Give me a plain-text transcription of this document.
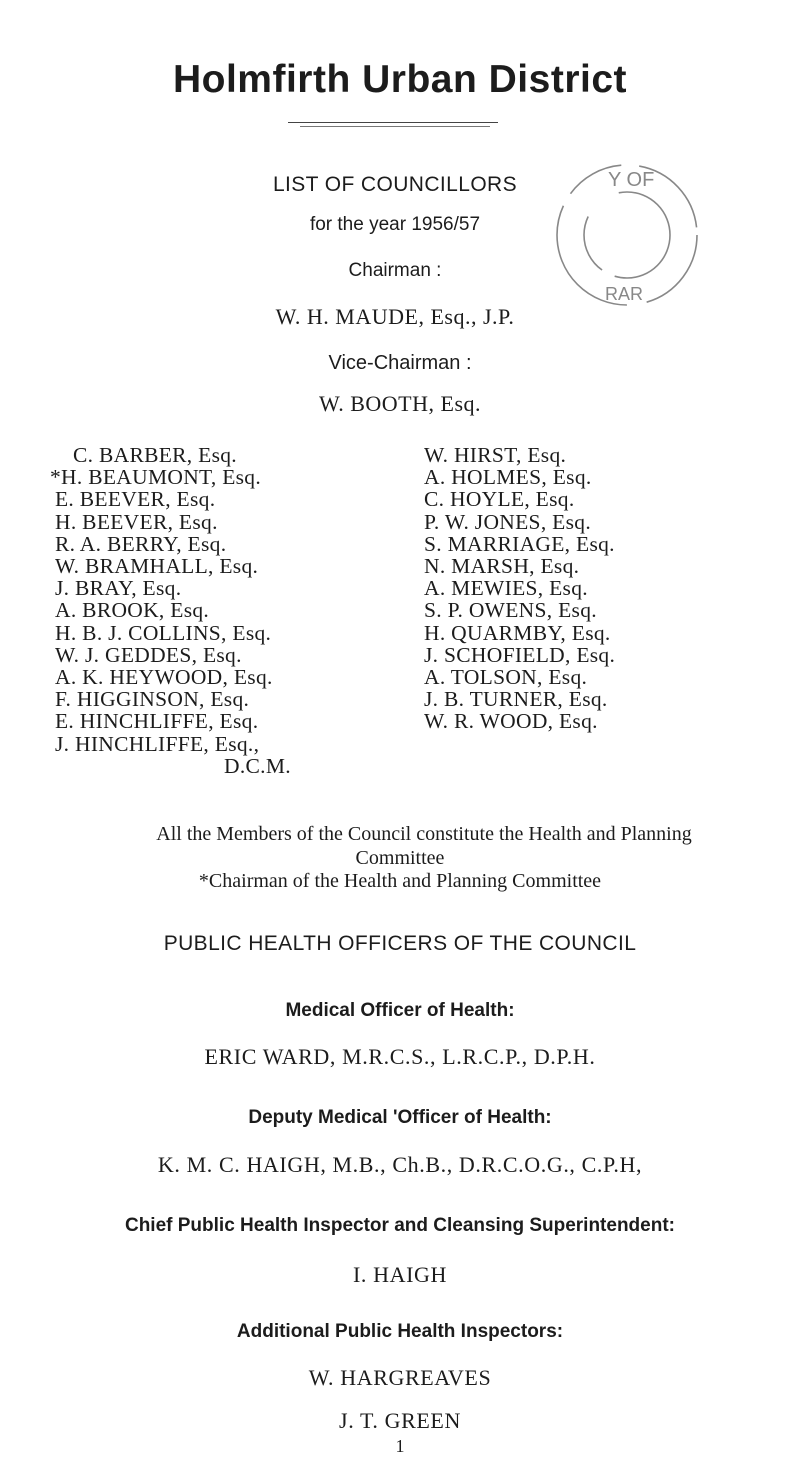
Holmfirth Urban District
LIST OF COUNCILLORS
for the year 1956/57
Chairman :
W. H. MAUDE, Esq., J.P.
Y OF
RAR
Vice-Chairman :
W. BOOTH, Esq.
C. BARBER, Esq.
*H. BEAUMONT, Esq.
E. BEEVER, Esq.
H. BEEVER, Esq.
R. A. BERRY, Esq.
W. BRAMHALL, Esq.
J. BRAY, Esq.
A. BROOK, Esq.
H. B. J. COLLINS, Esq.
W. J. GEDDES, Esq.
A. K. HEYWOOD, Esq.
F. HIGGINSON, Esq.
E. HINCHLIFFE, Esq.
J. HINCHLIFFE, Esq.,
D.C.M.
W. HIRST, Esq.
A. HOLMES, Esq.
C. HOYLE, Esq.
P. W. JONES, Esq.
S. MARRIAGE, Esq.
N. MARSH, Esq.
A. MEWIES, Esq.
S. P. OWENS, Esq.
H. QUARMBY, Esq.
J. SCHOFIELD, Esq.
A. TOLSON, Esq.
J. B. TURNER, Esq.
W. R. WOOD, Esq.
All the Members of the Council constitute the Health and Planning
Committee
*Chairman of the Health and Planning Committee
PUBLIC HEALTH OFFICERS OF THE COUNCIL
Medical Officer of Health:
ERIC WARD, M.R.C.S., L.R.C.P., D.P.H.
Deputy Medical 'Officer of Health:
K. M. C. HAIGH, M.B., Ch.B., D.R.C.O.G., C.P.H,
Chief Public Health Inspector and Cleansing Superintendent:
I. HAIGH
Additional Public Health Inspectors:
W. HARGREAVES
J. T. GREEN
1
